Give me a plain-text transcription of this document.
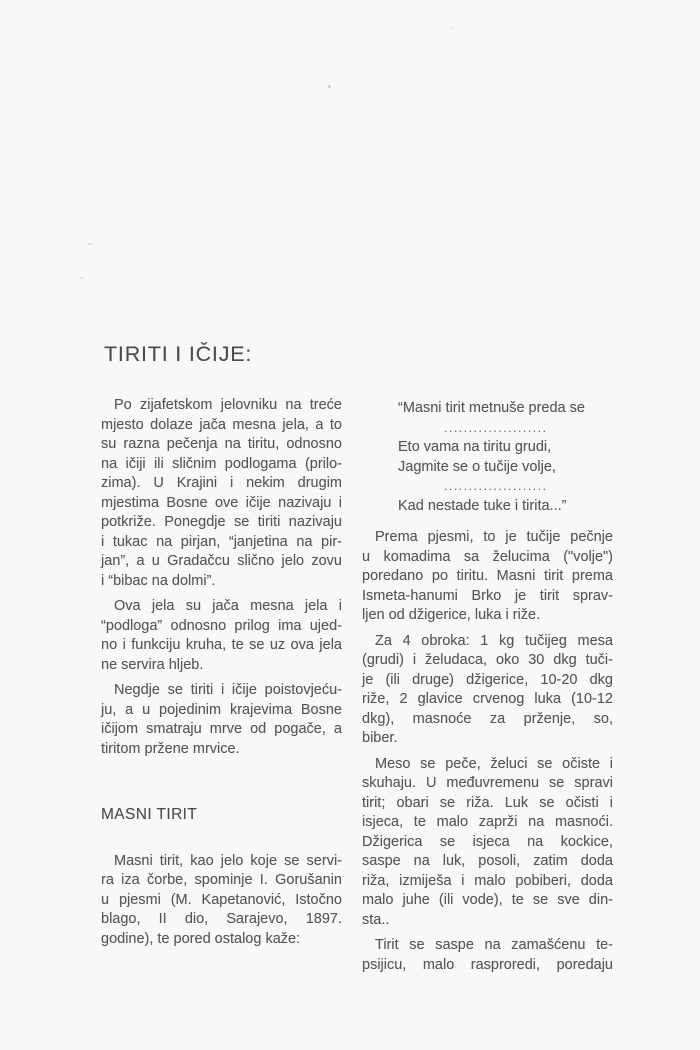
TIRITI I IČIJE:
Po zijafetskom jelovniku na treće
mjesto dolaze jača mesna jela, a to
su razna pečenja na tiritu, odnosno
na ičiji ili sličnim podlogama (prilo-
zima). U Krajini i nekim drugim
mjestima Bosne ove ičije nazivaju i
potkriže. Ponegdje se tiriti nazivaju
i tukac na pirjan, “janjetina na pir-
jan”, a u Gradačcu slično jelo zovu
i “bibac na dolmi”.
Ova jela su jača mesna jela i
“podloga” odnosno prilog ima ujed-
no i funkciju kruha, te se uz ova jela
ne servira hljeb.
Negdje se tiriti i ičije poistovjeću-
ju, a u pojedinim krajevima Bosne
ičijom smatraju mrve od pogače, a
tiritom pržene mrvice.
MASNI TIRIT
Masni tirit, kao jelo koje se servi-
ra iza čorbe, spominje I. Gorušanin
u pjesmi (M. Kapetanović, Istočno
blago, II dio, Sarajevo, 1897.
godine), te pored ostalog kaže:
“Masni tirit metnuše preda se
.....................
Eto vama na tiritu grudi,
Jagmite se o tučije volje,
.....................
Kad nestade tuke i tirita...”
Prema pjesmi, to je tučije pečnje
u komadima sa želucima ("volje")
poredano po tiritu. Masni tirit prema
Ismeta-hanumi Brko je tirit sprav-
ljen od džigerice, luka i riže.
Za 4 obroka: 1 kg tučijeg mesa
(grudi) i želudaca, oko 30 dkg tuči-
je (ili druge) džigerice, 10-20 dkg
riže, 2 glavice crvenog luka (10-12
dkg), masnoće za prženje, so,
biber.
Meso se peče, želuci se očiste i
skuhaju. U međuvremenu se spravi
tirit; obari se riža. Luk se očisti i
isjeca, te malo zaprži na masnoći.
Džigerica se isjeca na kockice,
saspe na luk, posoli, zatim doda
riža, izmiješa i malo pobiberi, doda
malo juhe (ili vode), te se sve din-
sta..
Tirit se saspe na zamašćenu te-
psijicu, malo rasproredi, poredaju
